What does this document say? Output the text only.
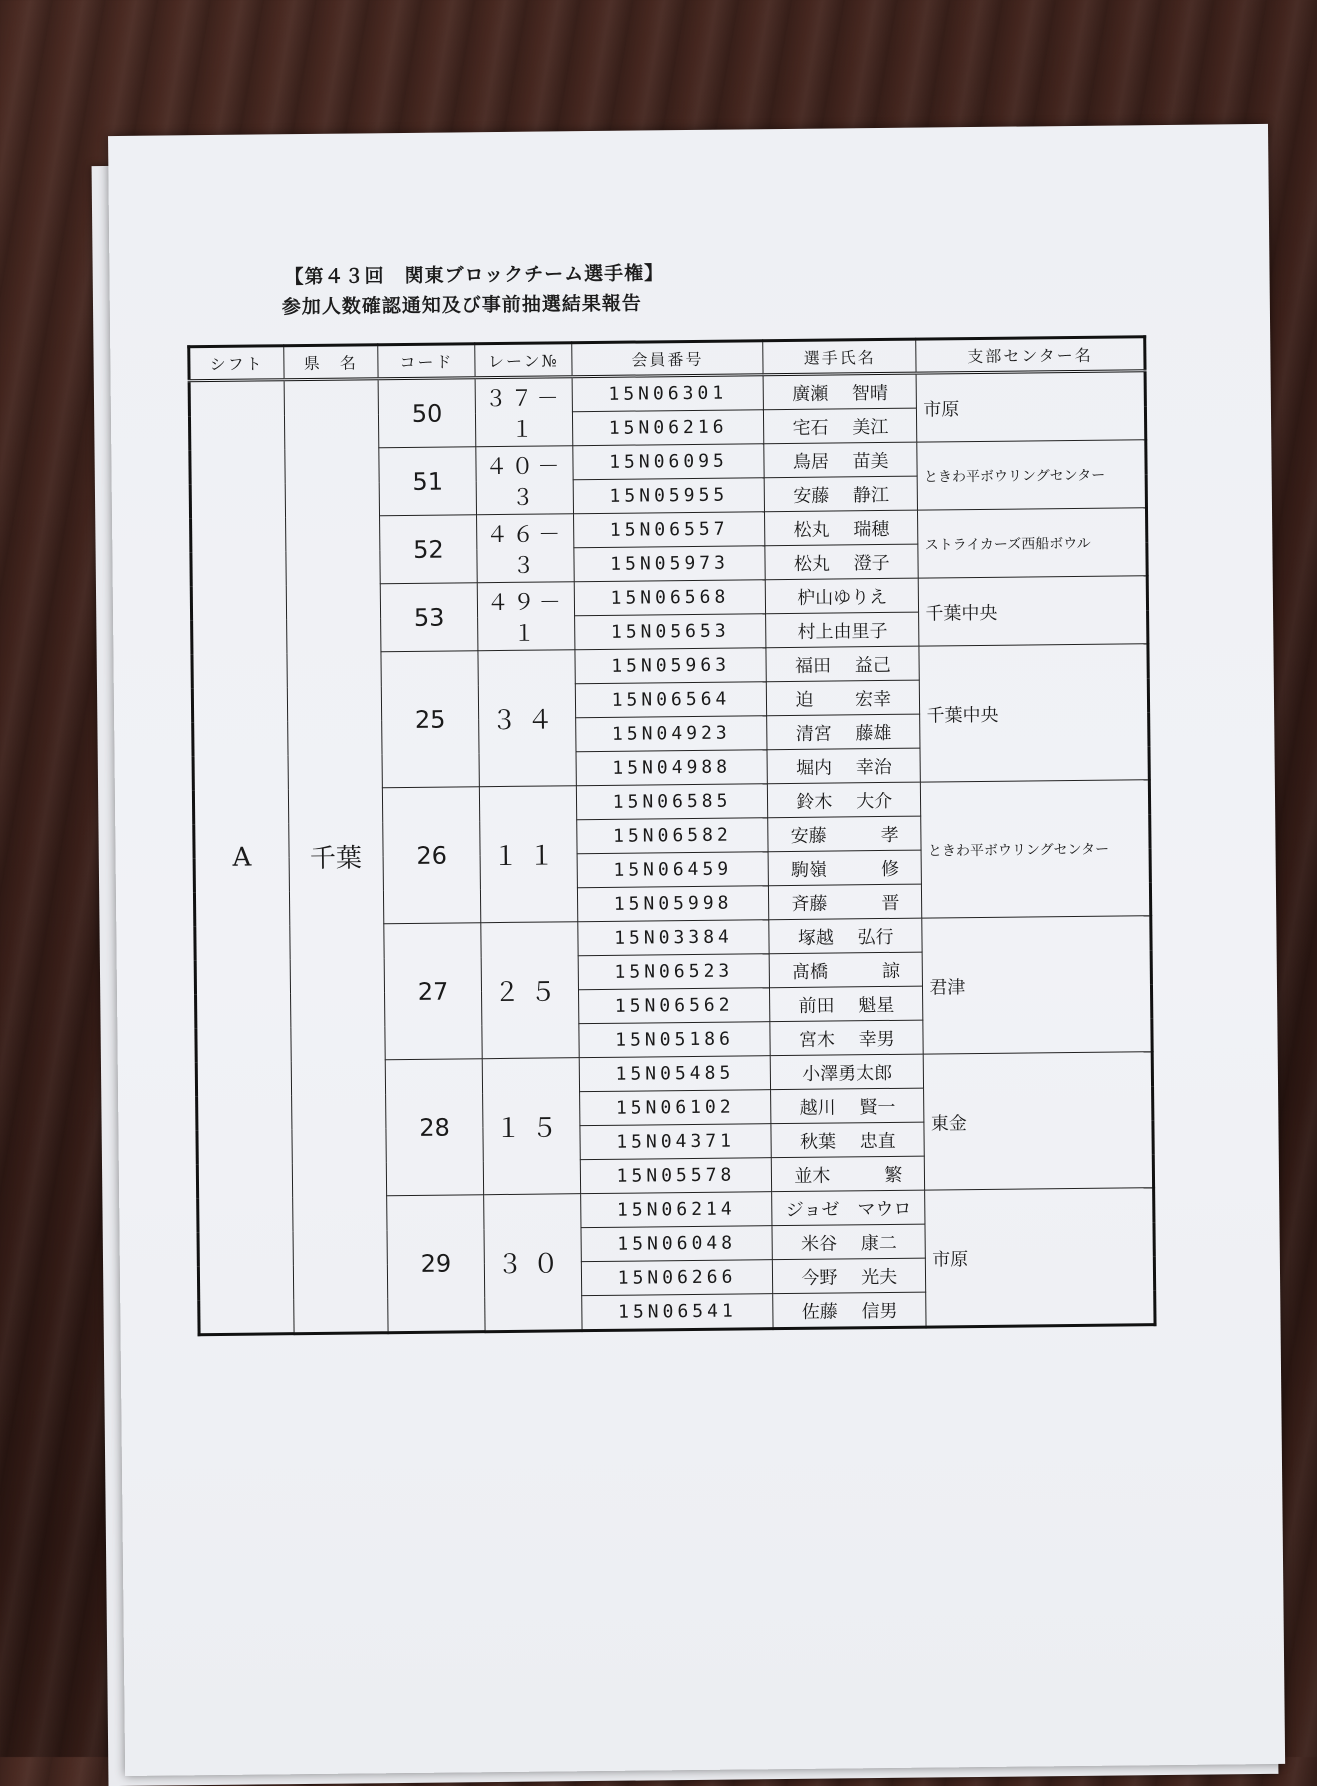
【第４３回　関東ブロックチーム選手権】
参加人数確認通知及び事前抽選結果報告
シフト	県　名	コード	レーン№	会員番号	選手氏名	支部センター名
A	千葉	50	３７－１	15N06301	廣瀬　 智晴	市原
				15N06216	宅石　 美江	
		51	４０－３	15N06095	鳥居　 苗美	ときわ平ボウリングセンター
				15N05955	安藤　 静江	
		52	４６－３	15N06557	松丸　 瑞穂	ストライカーズ西船ボウル
				15N05973	松丸　 澄子	
		53	４９－１	15N06568	枦山ゆりえ	千葉中央
				15N05653	村上由里子	
		25	３４	15N05963	福田　 益己	千葉中央
				15N06564	迫　　 宏幸	
				15N04923	清宮　 藤雄	
				15N04988	堀内　 幸治	
		26	１１	15N06585	鈴木　 大介	ときわ平ボウリングセンター
				15N06582	安藤　　　孝	
				15N06459	駒嶺　　　修	
				15N05998	斉藤　　　晋	
		27	２５	15N03384	塚越　 弘行	君津
				15N06523	髙橋　　　諒	
				15N06562	前田　 魁星	
				15N05186	宮木　 幸男	
		28	１５	15N05485	小澤勇太郎	東金
				15N06102	越川　 賢一	
				15N04371	秋葉　 忠直	
				15N05578	並木　　　繁	
		29	３０	15N06214	ジョゼ　マウロ	市原
				15N06048	米谷　 康二	
				15N06266	今野　 光夫	
				15N06541	佐藤　 信男	
